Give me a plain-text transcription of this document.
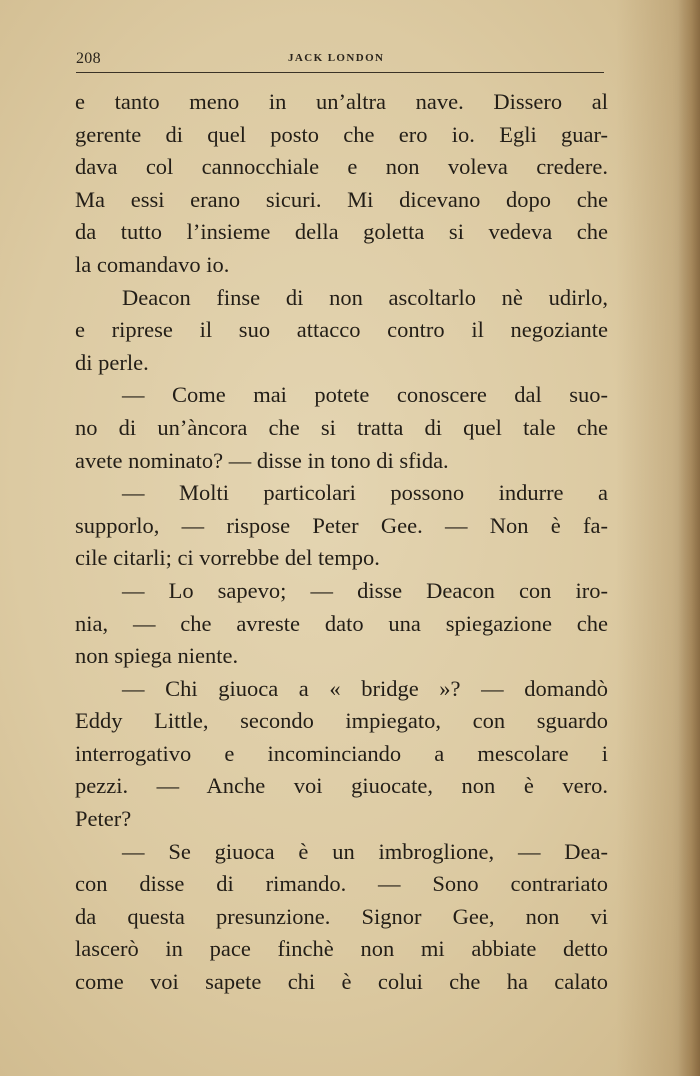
208	JACK LONDON
e tanto meno in un’altra nave. Dissero al
gerente di quel posto che ero io. Egli guar-
dava col cannocchiale e non voleva credere.
Ma essi erano sicuri. Mi dicevano dopo che
da tutto l’insieme della goletta si vedeva che
la comandavo io.
Deacon finse di non ascoltarlo nè udirlo,
e riprese il suo attacco contro il negoziante
di perle.
— Come mai potete conoscere dal suo-
no di un’àncora che si tratta di quel tale che
avete nominato? — disse in tono di sfida.
— Molti particolari possono indurre a
supporlo, — rispose Peter Gee. — Non è fa-
cile citarli; ci vorrebbe del tempo.
— Lo sapevo; — disse Deacon con iro-
nia, — che avreste dato una spiegazione che
non spiega niente.
— Chi giuoca a « bridge »? — domandò
Eddy Little, secondo impiegato, con sguardo
interrogativo e incominciando a mescolare i
pezzi. — Anche voi giuocate, non è vero.
Peter?
— Se giuoca è un imbroglione, — Dea-
con disse di rimando. — Sono contrariato
da questa presunzione. Signor Gee, non vi
lascerò in pace finchè non mi abbiate detto
come voi sapete chi è colui che ha calato
